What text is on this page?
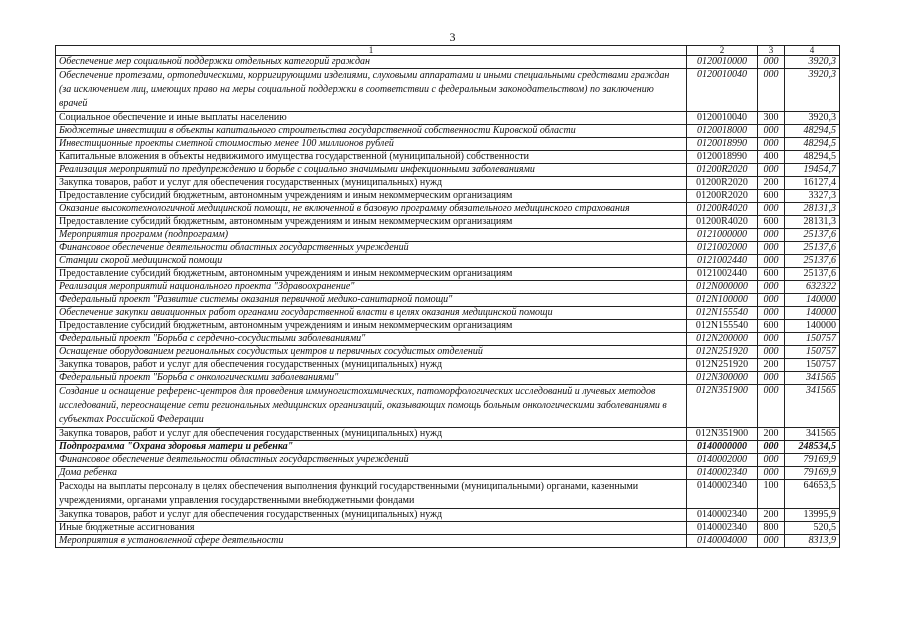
3
1	2	3	4
Обеспечение мер социальной поддержки отдельных категорий граждан	0120010000	000	3920,3
Обеспечение протезами, ортопедическими, корригирующими изделиями, слуховыми аппаратами и иными специальными средствами граждан (за исключением лиц, имеющих право на меры социальной поддержки в соответствии с федеральным законодательством) по заключению врачей	0120010040	000	3920,3
Социальное обеспечение и иные выплаты населению	0120010040	300	3920,3
Бюджетные инвестиции в объекты капитального строительства государственной собственности Кировской области	0120018000	000	48294,5
Инвестиционные проекты сметной стоимостью менее 100 миллионов рублей	0120018990	000	48294,5
Капитальные вложения в объекты недвижимого имущества государственной (муниципальной) собственности	0120018990	400	48294,5
Реализация мероприятий по предупреждению и борьбе с социально значимыми инфекционными заболеваниями	01200R2020	000	19454,7
Закупка товаров, работ и услуг для обеспечения государственных (муниципальных) нужд	01200R2020	200	16127,4
Предоставление субсидий бюджетным, автономным учреждениям и иным некоммерческим организациям	01200R2020	600	3327,3
Оказание высокотехнологичной медицинской помощи, не включенной в базовую программу обязательного медицинского страхования	01200R4020	000	28131,3
Предоставление субсидий бюджетным, автономным учреждениям и иным некоммерческим организациям	01200R4020	600	28131,3
Мероприятия программ (подпрограмм)	0121000000	000	25137,6
Финансовое обеспечение деятельности областных государственных учреждений	0121002000	000	25137,6
Станции скорой медицинской помощи	0121002440	000	25137,6
Предоставление субсидий бюджетным, автономным учреждениям и иным некоммерческим организациям	0121002440	600	25137,6
Реализация мероприятий национального проекта "Здравоохранение"	012N000000	000	632322
Федеральный проект "Развитие системы оказания первичной медико-санитарной помощи"	012N100000	000	140000
Обеспечение закупки авиационных работ органами государственной власти в целях оказания медицинской помощи	012N155540	000	140000
Предоставление субсидий бюджетным, автономным учреждениям и иным некоммерческим организациям	012N155540	600	140000
Федеральный проект "Борьба с сердечно-сосудистыми заболеваниями"	012N200000	000	150757
Оснащение оборудованием региональных сосудистых центров и первичных сосудистых отделений	012N251920	000	150757
Закупка товаров, работ и услуг для обеспечения государственных (муниципальных) нужд	012N251920	200	150757
Федеральный проект "Борьба с онкологическими заболеваниями"	012N300000	000	341565
Создание и оснащение референс-центров для проведения иммуногистохимических, патоморфологических исследований и лучевых методов исследований, переоснащение сети региональных медицинских организаций, оказывающих помощь больным онкологическими заболеваниями в субъектах Российской Федерации	012N351900	000	341565
Закупка товаров, работ и услуг для обеспечения государственных (муниципальных) нужд	012N351900	200	341565
Подпрограмма "Охрана здоровья матери и ребенка"	0140000000	000	248534,5
Финансовое обеспечение деятельности областных государственных учреждений	0140002000	000	79169,9
Дома ребенка	0140002340	000	79169,9
Расходы на выплаты персоналу в целях обеспечения выполнения функций государственными (муниципальными) органами, казенными учреждениями, органами управления государственными внебюджетными фондами	0140002340	100	64653,5
Закупка товаров, работ и услуг для обеспечения государственных (муниципальных) нужд	0140002340	200	13995,9
Иные бюджетные ассигнования	0140002340	800	520,5
Мероприятия в установленной сфере деятельности	0140004000	000	8313,9
